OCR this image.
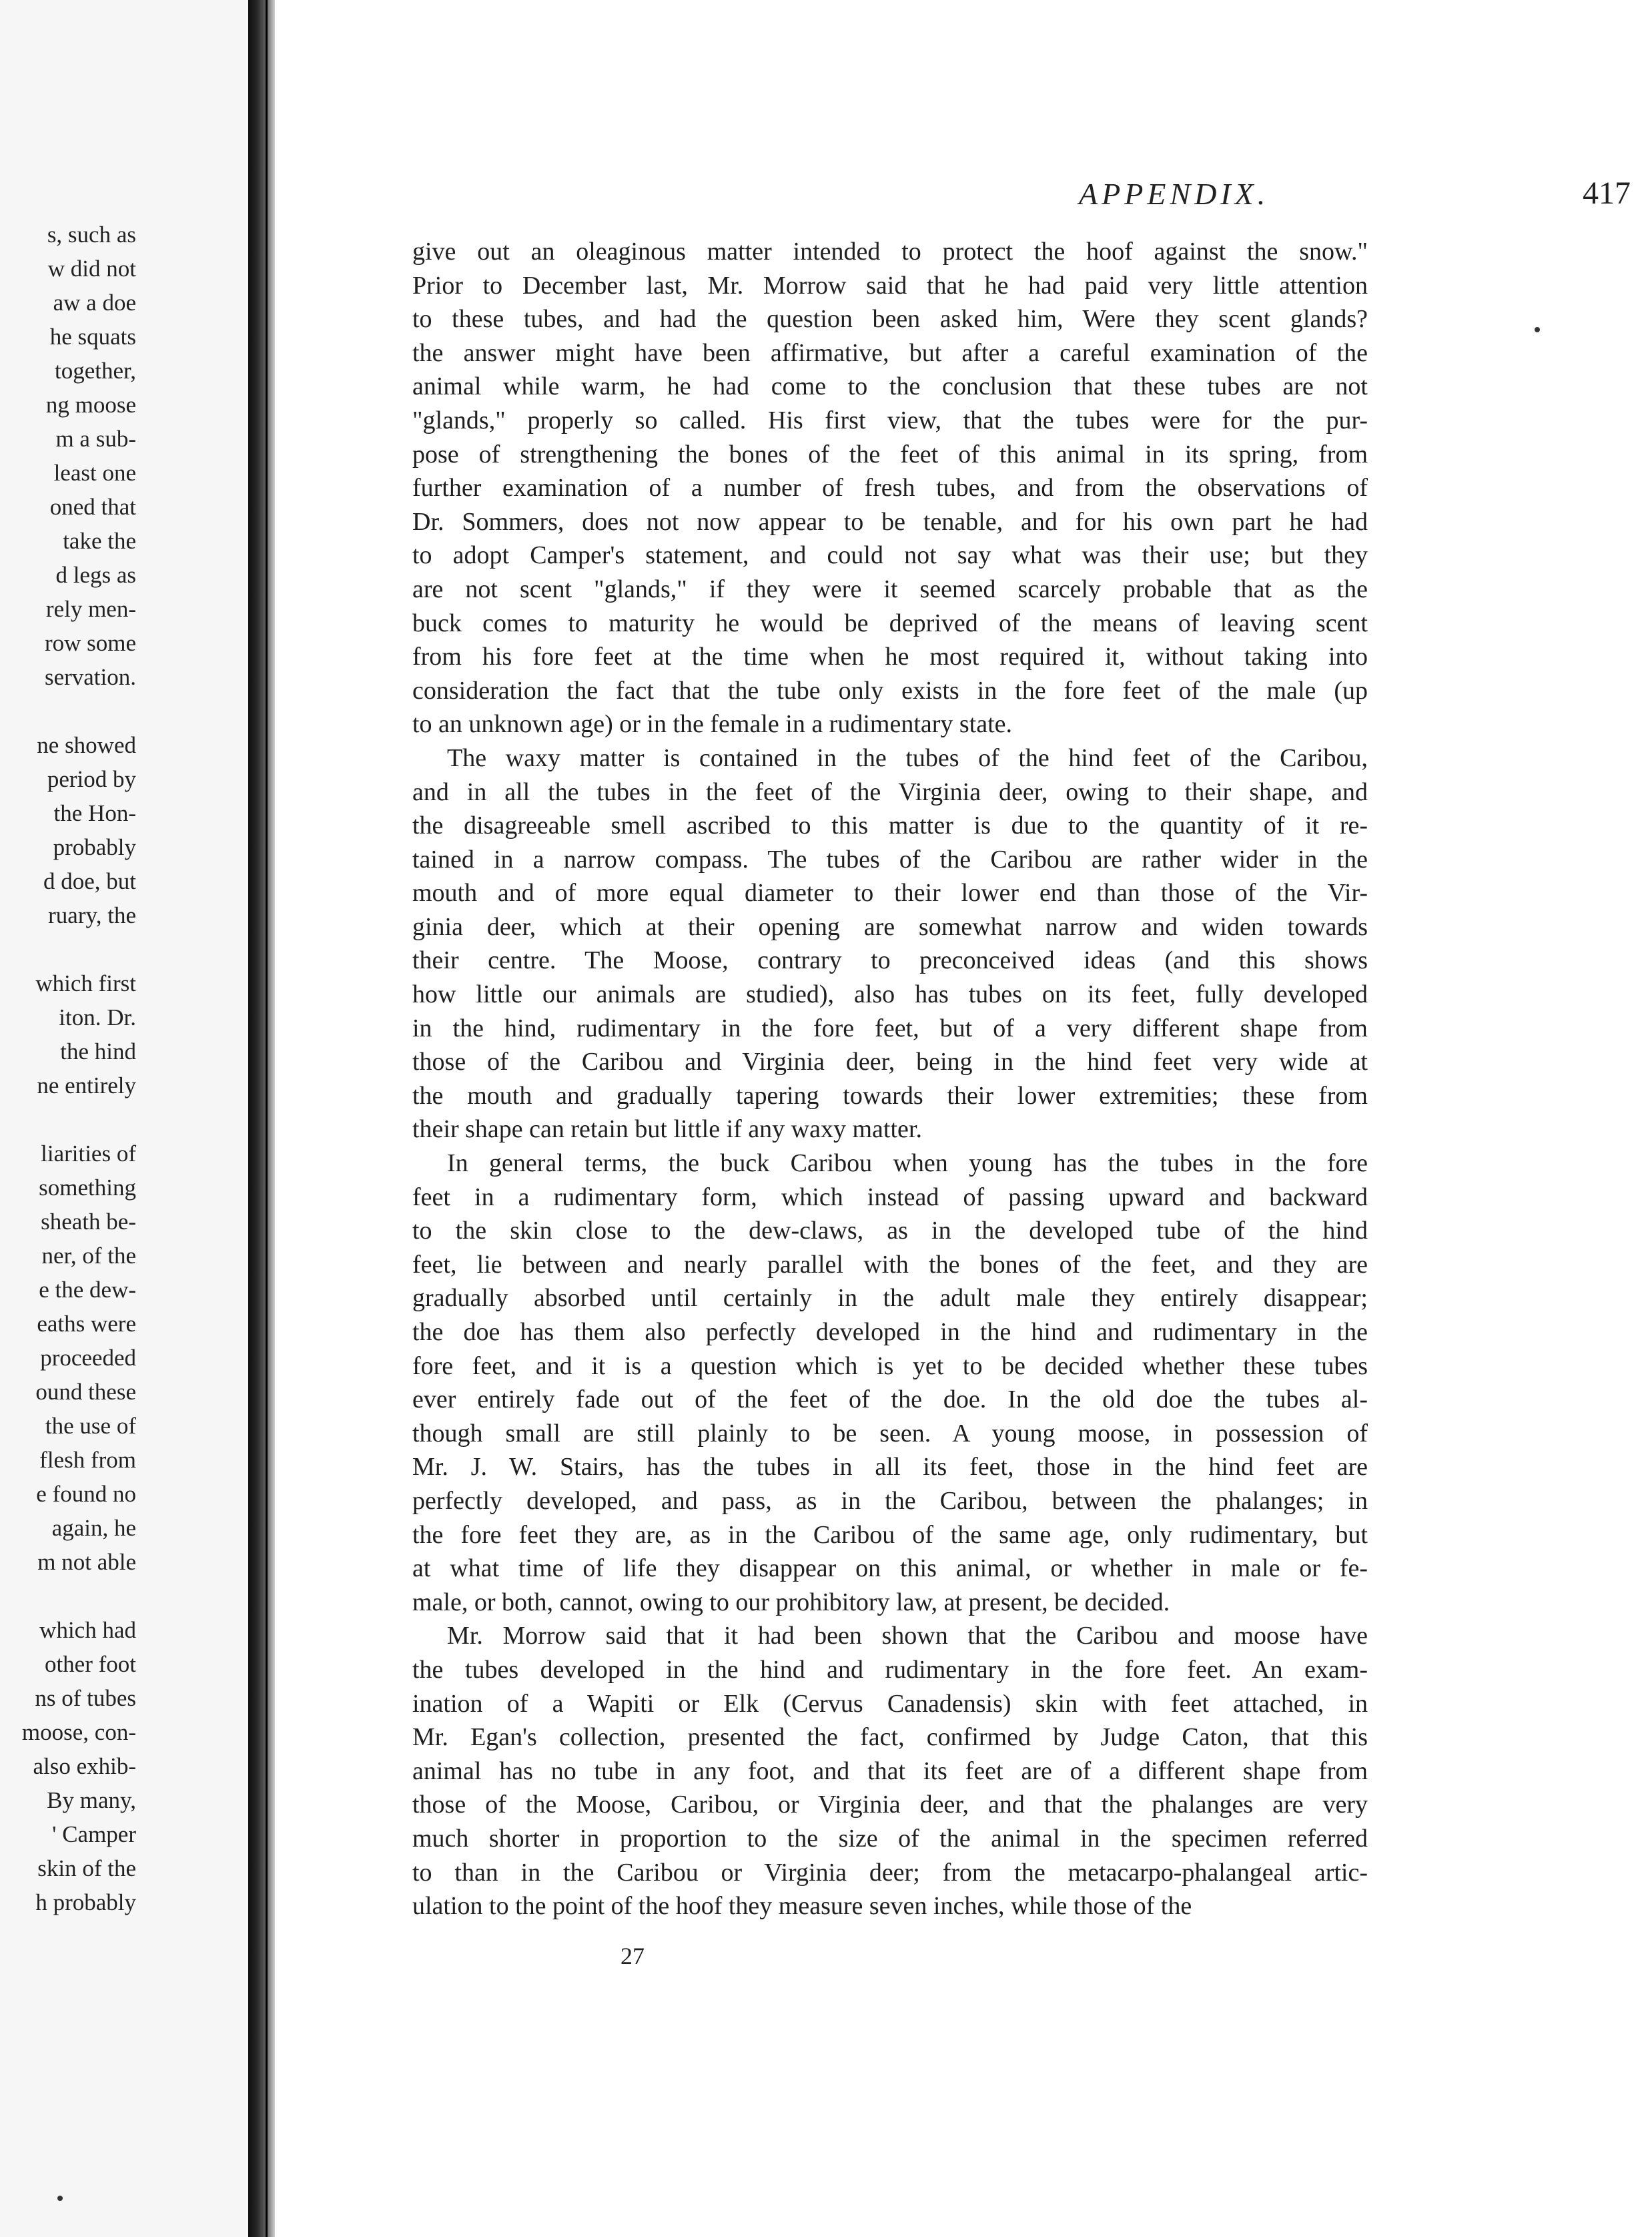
s, such as
w did not
aw a doe
he squats
together,
ng moose
m a sub-
least one
oned that
take the
d legs as
rely men-
row some
servation.
ne showed
period by
the Hon-
probably
d doe, but
ruary, the
which first
iton. Dr.
the hind
ne entirely
liarities of
something
sheath be-
ner, of the
e the dew-
eaths were
proceeded
ound these
the use of
flesh from
e found no
again, he
m not able
which had
other foot
ns of tubes
moose, con-
also exhib-
By many,
' Camper
skin of the
h probably
APPENDIX.	417
give out an oleaginous matter intended to protect the hoof against the snow."
Prior to December last, Mr. Morrow said that he had paid very little attention
to these tubes, and had the question been asked him, Were they scent glands?
the answer might have been affirmative, but after a careful examination of the
animal while warm, he had come to the conclusion that these tubes are not
"glands," properly so called. His first view, that the tubes were for the pur-
pose of strengthening the bones of the feet of this animal in its spring, from
further examination of a number of fresh tubes, and from the observations of
Dr. Sommers, does not now appear to be tenable, and for his own part he had
to adopt Camper's statement, and could not say what was their use; but they
are not scent "glands," if they were it seemed scarcely probable that as the
buck comes to maturity he would be deprived of the means of leaving scent
from his fore feet at the time when he most required it, without taking into
consideration the fact that the tube only exists in the fore feet of the male (up
to an unknown age) or in the female in a rudimentary state.
The waxy matter is contained in the tubes of the hind feet of the Caribou,
and in all the tubes in the feet of the Virginia deer, owing to their shape, and
the disagreeable smell ascribed to this matter is due to the quantity of it re-
tained in a narrow compass. The tubes of the Caribou are rather wider in the
mouth and of more equal diameter to their lower end than those of the Vir-
ginia deer, which at their opening are somewhat narrow and widen towards
their centre. The Moose, contrary to preconceived ideas (and this shows
how little our animals are studied), also has tubes on its feet, fully developed
in the hind, rudimentary in the fore feet, but of a very different shape from
those of the Caribou and Virginia deer, being in the hind feet very wide at
the mouth and gradually tapering towards their lower extremities; these from
their shape can retain but little if any waxy matter.
In general terms, the buck Caribou when young has the tubes in the fore
feet in a rudimentary form, which instead of passing upward and backward
to the skin close to the dew-claws, as in the developed tube of the hind
feet, lie between and nearly parallel with the bones of the feet, and they are
gradually absorbed until certainly in the adult male they entirely disappear;
the doe has them also perfectly developed in the hind and rudimentary in the
fore feet, and it is a question which is yet to be decided whether these tubes
ever entirely fade out of the feet of the doe. In the old doe the tubes al-
though small are still plainly to be seen. A young moose, in possession of
Mr. J. W. Stairs, has the tubes in all its feet, those in the hind feet are
perfectly developed, and pass, as in the Caribou, between the phalanges; in
the fore feet they are, as in the Caribou of the same age, only rudimentary, but
at what time of life they disappear on this animal, or whether in male or fe-
male, or both, cannot, owing to our prohibitory law, at present, be decided.
Mr. Morrow said that it had been shown that the Caribou and moose have
the tubes developed in the hind and rudimentary in the fore feet. An exam-
ination of a Wapiti or Elk (Cervus Canadensis) skin with feet attached, in
Mr. Egan's collection, presented the fact, confirmed by Judge Caton, that this
animal has no tube in any foot, and that its feet are of a different shape from
those of the Moose, Caribou, or Virginia deer, and that the phalanges are very
much shorter in proportion to the size of the animal in the specimen referred
to than in the Caribou or Virginia deer; from the metacarpo-phalangeal artic-
ulation to the point of the hoof they measure seven inches, while those of the
27
